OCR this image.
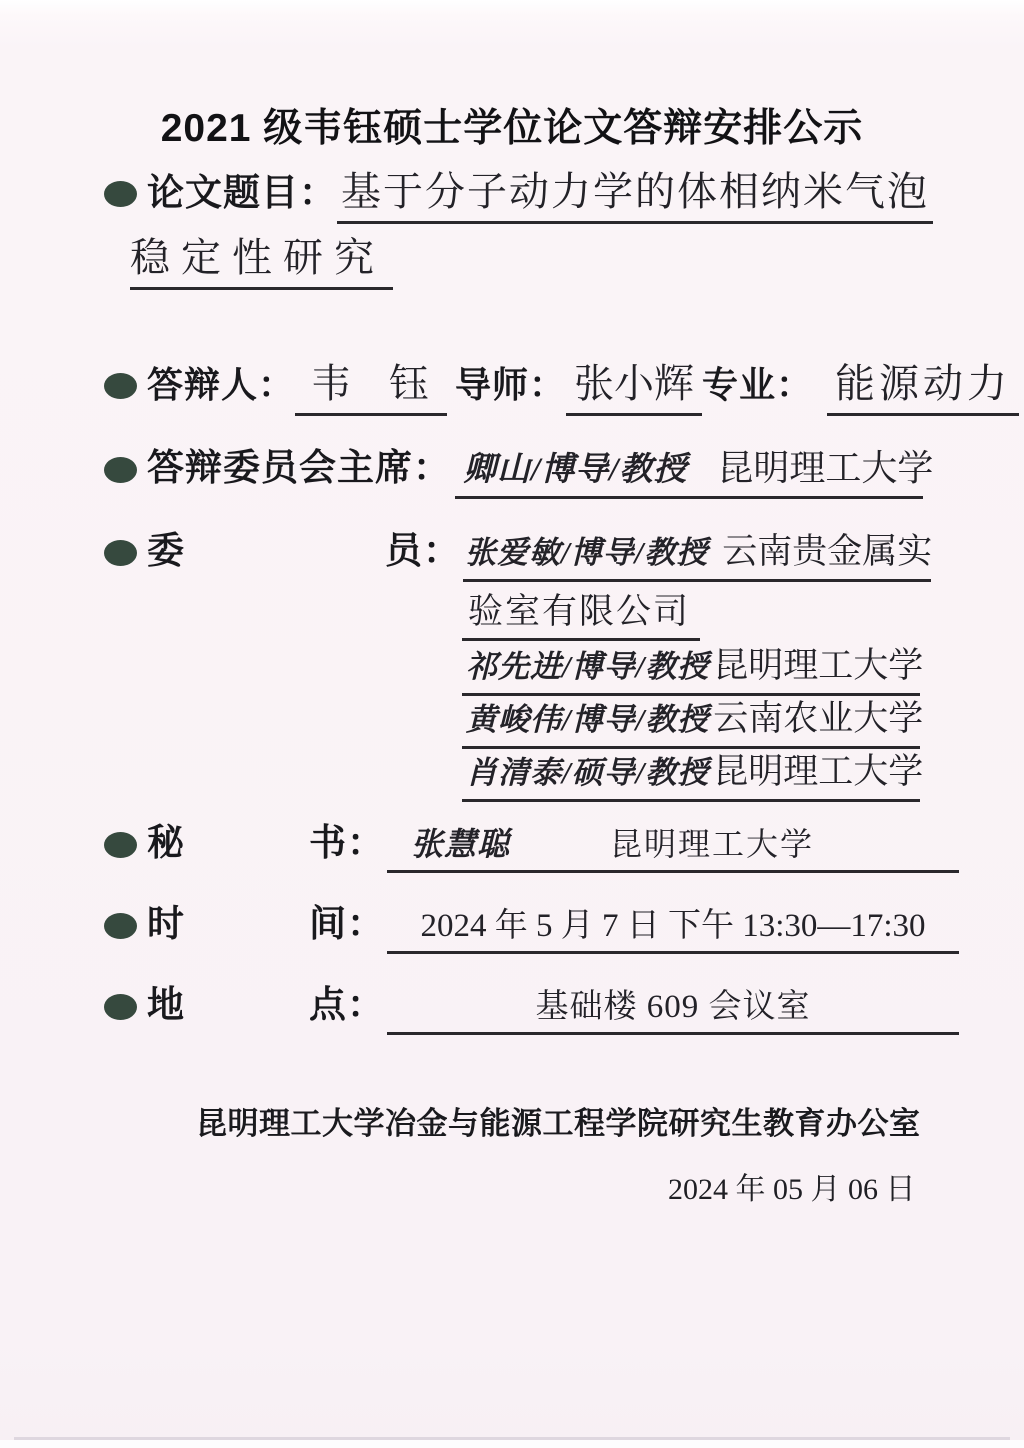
2021 级韦钰硕士学位论文答辩安排公示
论文题目： 基于分子动力学的体相纳米气泡
稳定性研究
答辩人： 韦 钰 导师： 张小辉 专业： 能源动力
答辩委员会主席： 卿山/博导/教授 昆明理工大学
委	员： 张爱敏/博导/教授 云南贵金属实
验室有限公司
祁先进/博导/教授 昆明理工大学
黄峻伟/博导/教授 云南农业大学
肖清泰/硕导/教授 昆明理工大学
秘	书： 张慧聪	昆明理工大学
时	间： 2024 年 5 月 7 日 下午 13:30—17:30
地	点：	基础楼 609 会议室
昆明理工大学冶金与能源工程学院研究生教育办公室
2024 年 05 月 06 日
